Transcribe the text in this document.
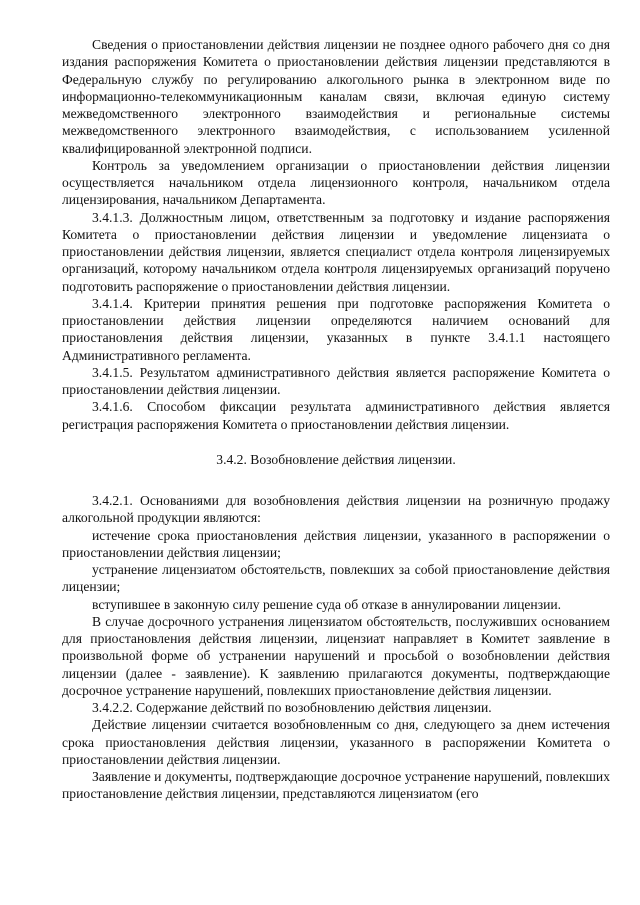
Сведения о приостановлении действия лицензии не позднее одного рабочего дня со дня издания распоряжения Комитета о приостановлении действия лицензии представляются в Федеральную службу по регулированию алкогольного рынка в электронном виде по информационно-телекоммуникационным каналам связи, включая единую систему межведомственного электронного взаимодействия и региональные системы межведомственного электронного взаимодействия, с использованием усиленной квалифицированной электронной подписи.

Контроль за уведомлением организации о приостановлении действия лицензии осуществляется начальником отдела лицензионного контроля, начальником отдела лицензирования, начальником Департамента.

3.4.1.3. Должностным лицом, ответственным за подготовку и издание распоряжения Комитета о приостановлении действия лицензии и уведомление лицензиата о приостановлении действия лицензии, является специалист отдела контроля лицензируемых организаций, которому начальником отдела контроля лицензируемых организаций поручено подготовить распоряжение о приостановлении действия лицензии.

3.4.1.4. Критерии принятия решения при подготовке распоряжения Комитета о приостановлении действия лицензии определяются наличием оснований для приостановления действия лицензии, указанных в пункте 3.4.1.1 настоящего Административного регламента.

3.4.1.5. Результатом административного действия является распоряжение Комитета о приостановлении действия лицензии.

3.4.1.6. Способом фиксации результата административного действия является регистрация распоряжения Комитета о приостановлении действия лицензии.

3.4.2. Возобновление действия лицензии.

3.4.2.1. Основаниями для возобновления действия лицензии на розничную продажу алкогольной продукции являются:

истечение срока приостановления действия лицензии, указанного в распоряжении о приостановлении действия лицензии;

устранение лицензиатом обстоятельств, повлекших за собой приостановление действия лицензии;

вступившее в законную силу решение суда об отказе в аннулировании лицензии.

В случае досрочного устранения лицензиатом обстоятельств, послуживших основанием для приостановления действия лицензии, лицензиат направляет в Комитет заявление в произвольной форме об устранении нарушений и просьбой о возобновлении действия лицензии (далее - заявление). К заявлению прилагаются документы, подтверждающие досрочное устранение нарушений, повлекших приостановление действия лицензии.

3.4.2.2. Содержание действий по возобновлению действия лицензии.

Действие лицензии считается возобновленным со дня, следующего за днем истечения срока приостановления действия лицензии, указанного в распоряжении Комитета о приостановлении действия лицензии.

Заявление и документы, подтверждающие досрочное устранение нарушений, повлекших приостановление действия лицензии, представляются лицензиатом (его
